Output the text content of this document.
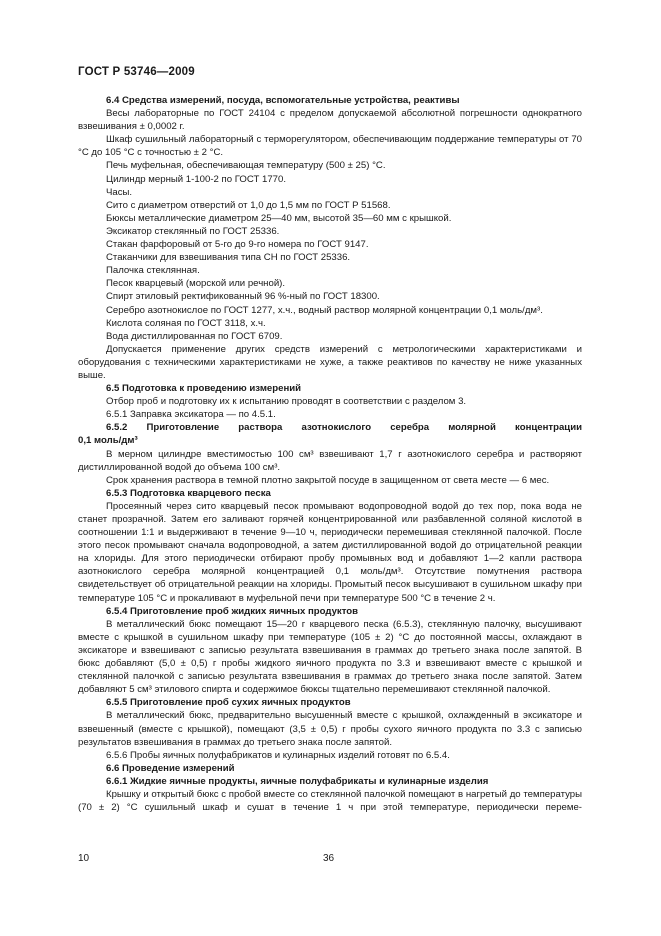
ГОСТ Р 53746—2009

6.4 Средства измерений, посуда, вспомогательные устройства, реактивы

Весы лабораторные по ГОСТ 24104 с пределом допускаемой абсолютной погрешности однократного взвешивания ± 0,0002 г.

Шкаф сушильный лабораторный с терморегулятором, обеспечивающим поддержание температуры от 70 °С до 105 °С с точностью ± 2 °С.

Печь муфельная, обеспечивающая температуру (500 ± 25) °С.

Цилиндр мерный 1-100-2 по ГОСТ 1770.

Часы.

Сито с диаметром отверстий от 1,0 до 1,5 мм по ГОСТ Р 51568.

Бюксы металлические диаметром 25—40 мм, высотой 35—60 мм с крышкой.

Эксикатор стеклянный по ГОСТ 25336.

Стакан фарфоровый от 5-го до 9-го номера по ГОСТ 9147.

Стаканчики для взвешивания типа СН по ГОСТ 25336.

Палочка стеклянная.

Песок кварцевый (морской или речной).

Спирт этиловый ректификованный 96 %-ный по ГОСТ 18300.

Серебро азотнокислое по ГОСТ 1277, х.ч., водный раствор молярной концентрации 0,1 моль/дм³.

Кислота соляная по ГОСТ 3118, х.ч.

Вода дистиллированная по ГОСТ 6709.

Допускается применение других средств измерений с метрологическими характеристиками и оборудования с техническими характеристиками не хуже, а также реактивов по качеству не ниже указанных выше.

6.5 Подготовка к проведению измерений

Отбор проб и подготовку их к испытанию проводят в соответствии с разделом 3.

6.5.1 Заправка эксикатора — по 4.5.1.

6.5.2 Приготовление раствора азотнокислого серебра молярной концентрации

0,1 моль/дм³

В мерном цилиндре вместимостью 100 см³ взвешивают 1,7 г азотнокислого серебра и растворяют дистиллированной водой до объема 100 см³.

Срок хранения раствора в темной плотно закрытой посуде в защищенном от света месте — 6 мес.

6.5.3 Подготовка кварцевого песка

Просеянный через сито кварцевый песок промывают водопроводной водой до тех пор, пока вода не станет прозрачной. Затем его заливают горячей концентрированной или разбавленной соляной кислотой в соотношении 1:1 и выдерживают в течение 9—10 ч, периодически перемешивая стеклянной палочкой. После этого песок промывают сначала водопроводной, а затем дистиллированной водой до отрицательной реакции на хлориды. Для этого периодически отбирают пробу промывных вод и добавляют 1—2 капли раствора азотнокислого серебра молярной концентрацией 0,1 моль/дм³. Отсутствие помутнения раствора свидетельствует об отрицательной реакции на хлориды. Промытый песок высушивают в сушильном шкафу при температуре 105 °С и прокаливают в муфельной печи при температуре 500 °С в течение 2 ч.

6.5.4 Приготовление проб жидких яичных продуктов

В металлический бюкс помещают 15—20 г кварцевого песка (6.5.3), стеклянную палочку, высушивают вместе с крышкой в сушильном шкафу при температуре (105 ± 2) °С до постоянной массы, охлаждают в эксикаторе и взвешивают с записью результата взвешивания в граммах до третьего знака после запятой. В бюкс добавляют (5,0 ± 0,5) г пробы жидкого яичного продукта по 3.3 и взвешивают вместе с крышкой и стеклянной палочкой с записью результата взвешивания в граммах до третьего знака после запятой. Затем добавляют 5 см³ этилового спирта и содержимое бюксы тщательно перемешивают стеклянной палочкой.

6.5.5 Приготовление проб сухих яичных продуктов

В металлический бюкс, предварительно высушенный вместе с крышкой, охлажденный в эксикаторе и взвешенный (вместе с крышкой), помещают (3,5 ± 0,5) г пробы сухого яичного продукта по 3.3 с записью результатов взвешивания в граммах до третьего знака после запятой.

6.5.6 Пробы яичных полуфабрикатов и кулинарных изделий готовят по 6.5.4.

6.6 Проведение измерений

6.6.1 Жидкие яичные продукты, яичные полуфабрикаты и кулинарные изделия

Крышку и открытый бюкс с пробой вместе со стеклянной палочкой помещают в нагретый до температуры (70 ± 2) °С сушильный шкаф и сушат в течение 1 ч при этой температуре, периодически переме-

10	36
